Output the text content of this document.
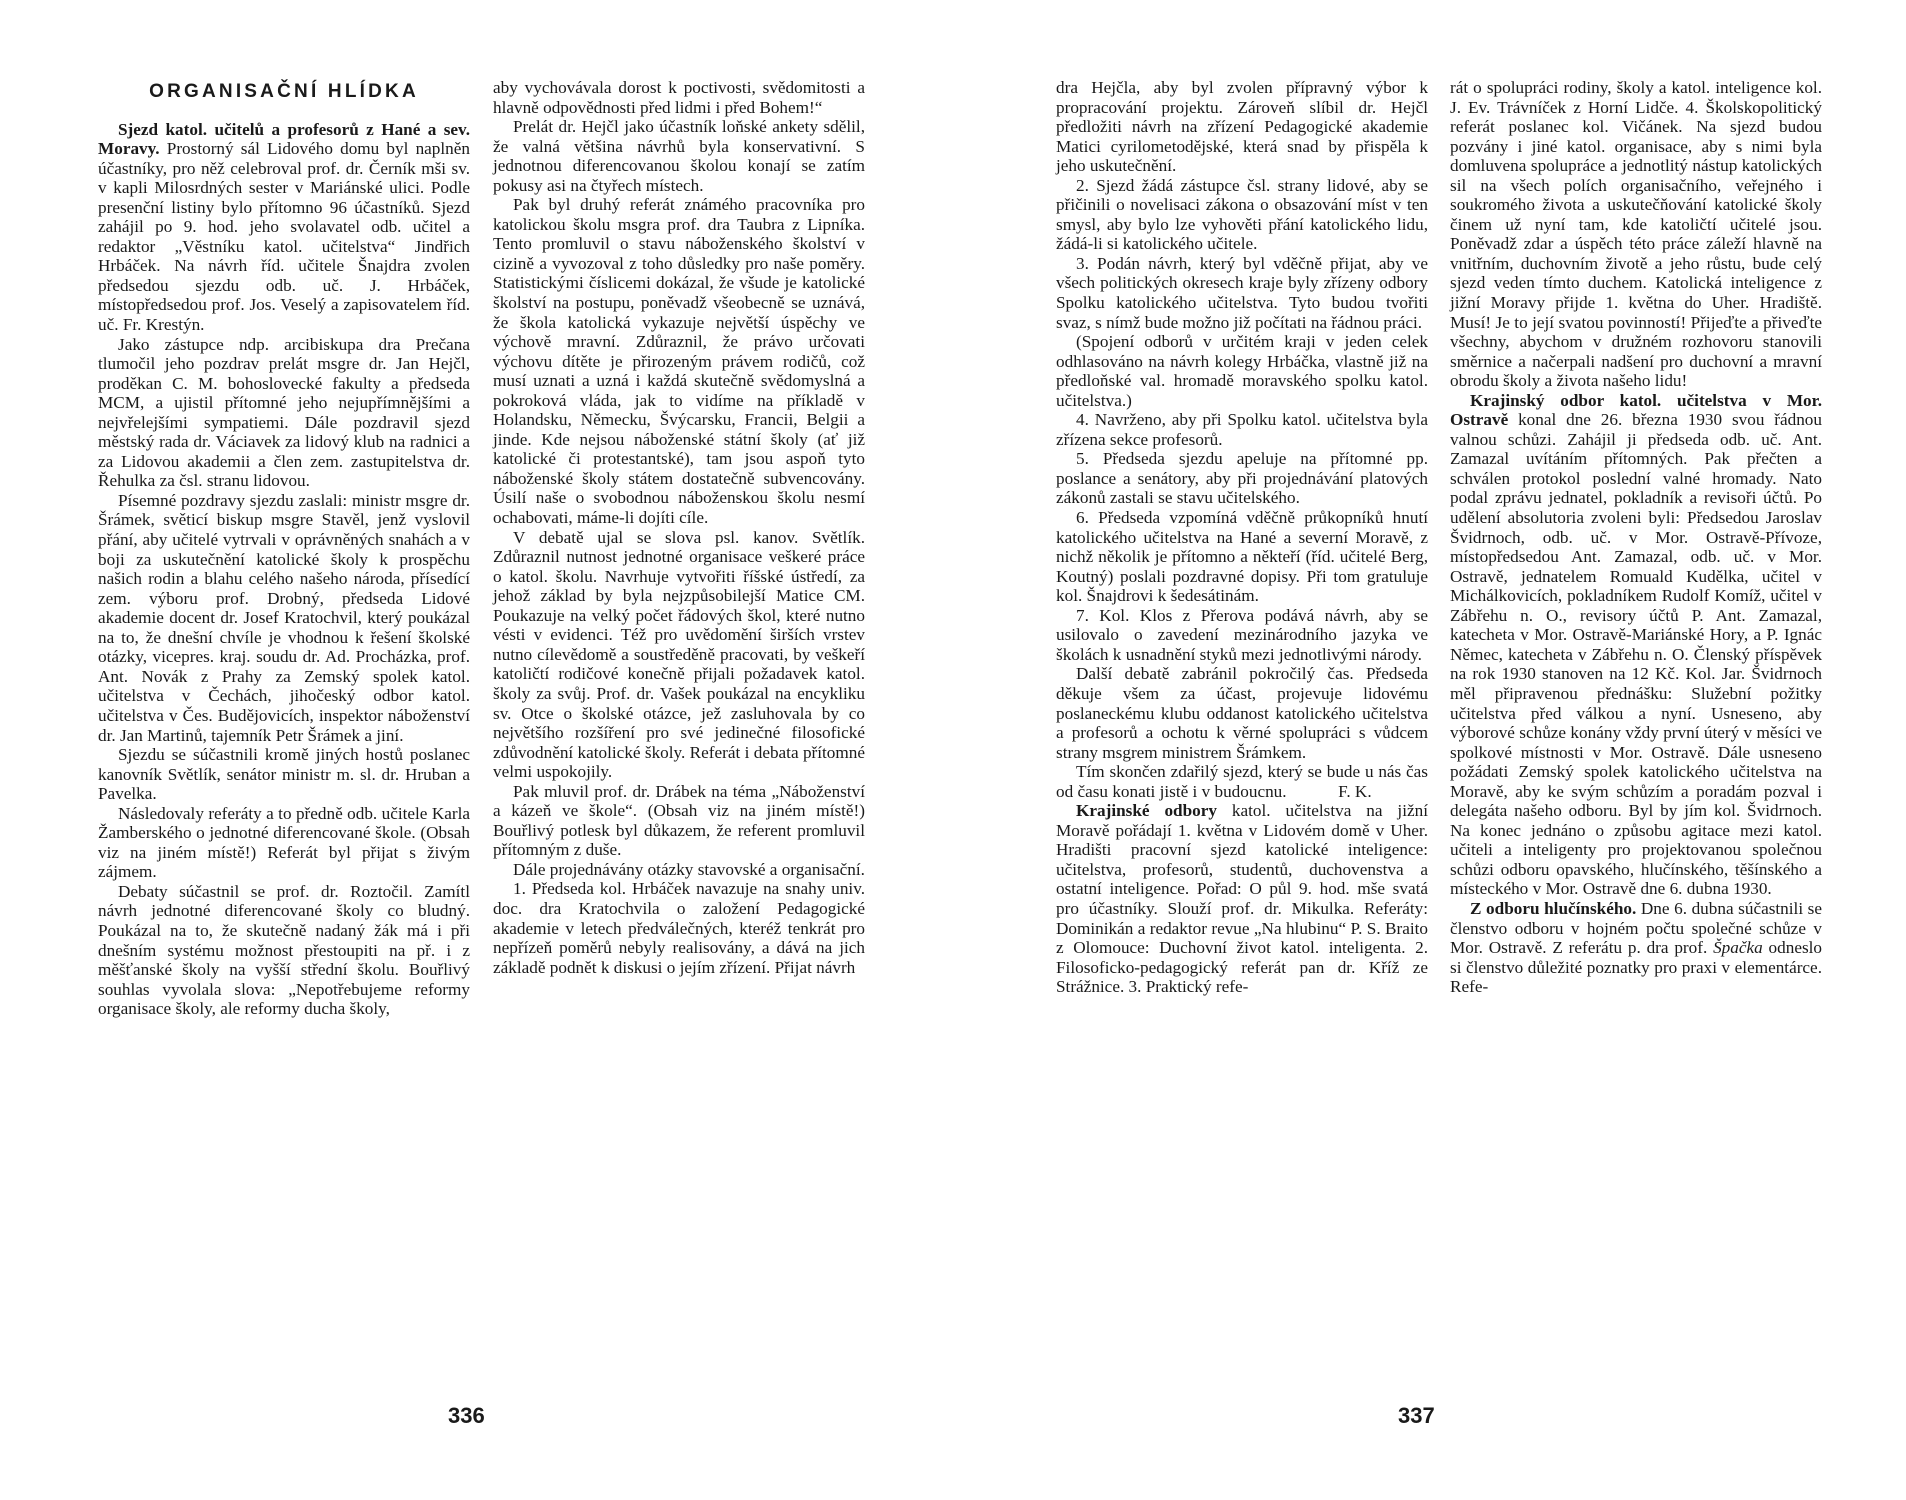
ORGANISAČNÍ HLÍDKA

Sjezd katol. učitelů a profesorů z Hané a sev. Moravy. Prostorný sál Lidového domu byl naplněn účastníky, pro něž celebroval prof. dr. Černík mši sv. v kapli Milosrdných sester v Mariánské ulici. Podle presenční listiny bylo přítomno 96 účastníků. Sjezd zahájil po 9. hod. jeho svolavatel odb. učitel a redaktor „Věstníku katol. učitelstva“ Jindřich Hrbáček. Na návrh říd. učitele Šnajdra zvolen předsedou sjezdu odb. uč. J. Hrbáček, místopředsedou prof. Jos. Veselý a zapisovatelem říd. uč. Fr. Krestýn.

Jako zástupce ndp. arcibiskupa dra Prečana tlumočil jeho pozdrav prelát msgre dr. Jan Hejčl, proděkan C. M. bohoslovecké fakulty a předseda MCM, a ujistil přítomné jeho nejupřímnějšími a nejvřelejšími sympatiemi. Dále pozdravil sjezd městský rada dr. Váciavek za lidový klub na radnici a za Lidovou akademii a člen zem. zastupitelstva dr. Řehulka za čsl. stranu lidovou.

Písemné pozdravy sjezdu zaslali: ministr msgre dr. Šrámek, světicí biskup msgre Stavěl, jenž vyslovil přání, aby učitelé vytrvali v oprávněných snahách a v boji za uskutečnění katolické školy k prospěchu našich rodin a blahu celého našeho národa, přísedící zem. výboru prof. Drobný, předseda Lidové akademie docent dr. Josef Kratochvil, který poukázal na to, že dnešní chvíle je vhodnou k řešení školské otázky, vicepres. kraj. soudu dr. Ad. Procházka, prof. Ant. Novák z Prahy za Zemský spolek katol. učitelstva v Čechách, jihočeský odbor katol. učitelstva v Čes. Budějovicích, inspektor náboženství dr. Jan Martinů, tajemník Petr Šrámek a jiní.

Sjezdu se súčastnili kromě jiných hostů poslanec kanovník Světlík, senátor ministr m. sl. dr. Hruban a Pavelka.

Následovaly referáty a to předně odb. učitele Karla Žamberského o jednotné diferencované škole. (Obsah viz na jiném místě!) Referát byl přijat s živým zájmem.

Debaty súčastnil se prof. dr. Roztočil. Zamítl návrh jednotné diferencované školy co bludný. Poukázal na to, že skutečně nadaný žák má i při dnešním systému možnost přestoupiti na př. i z měšťanské školy na vyšší střední školu. Bouřlivý souhlas vyvolala slova: „Nepotřebujeme reformy organisace školy, ale reformy ducha školy,

aby vychovávala dorost k poctivosti, svědomitosti a hlavně odpovědnosti před lidmi i před Bohem!“

Prelát dr. Hejčl jako účastník loňské ankety sdělil, že valná většina návrhů byla konservativní. S jednotnou diferencovanou školou konají se zatím pokusy asi na čtyřech místech.

Pak byl druhý referát známého pracovníka pro katolickou školu msgra prof. dra Taubra z Lipníka. Tento promluvil o stavu náboženského školství v cizině a vyvozoval z toho důsledky pro naše poměry. Statistickými číslicemi dokázal, že všude je katolické školství na postupu, poněvadž všeobecně se uznává, že škola katolická vykazuje největší úspěchy ve výchově mravní. Zdůraznil, že právo určovati výchovu dítěte je přirozeným právem rodičů, což musí uznati a uzná i každá skutečně svědomyslná a pokroková vláda, jak to vidíme na příkladě v Holandsku, Německu, Švýcarsku, Francii, Belgii a jinde. Kde nejsou náboženské státní školy (ať již katolické či protestantské), tam jsou aspoň tyto náboženské školy státem dostatečně subvencovány. Úsilí naše o svobodnou náboženskou školu nesmí ochabovati, máme-li dojíti cíle.

V debatě ujal se slova psl. kanov. Světlík. Zdůraznil nutnost jednotné organisace veškeré práce o katol. školu. Navrhuje vytvořiti říšské ústředí, za jehož základ by byla nejzpůsobilejší Matice CM. Poukazuje na velký počet řádových škol, které nutno vésti v evidenci. Též pro uvědomění širších vrstev nutno cílevědomě a soustředěně pracovati, by veškeří katoličtí rodičové konečně přijali požadavek katol. školy za svůj. Prof. dr. Vašek poukázal na encykliku sv. Otce o školské otázce, jež zasluhovala by co největšího rozšíření pro své jedinečné filosofické zdůvodnění katolické školy. Referát i debata přítomné velmi uspokojily.

Pak mluvil prof. dr. Drábek na téma „Náboženství a kázeň ve škole“. (Obsah viz na jiném místě!) Bouřlivý potlesk byl důkazem, že referent promluvil přítomným z duše.

Dále projednávány otázky stavovské a organisační.

1. Předseda kol. Hrbáček navazuje na snahy univ. doc. dra Kratochvila o založení Pedagogické akademie v letech předválečných, kteréž tenkrát pro nepřízeň poměrů nebyly realisovány, a dává na jich základě podnět k diskusi o jejím zřízení. Přijat návrh

336

dra Hejčla, aby byl zvolen přípravný výbor k propracování projektu. Zároveň slíbil dr. Hejčl předložiti návrh na zřízení Pedagogické akademie Matici cyrilometodějské, která snad by přispěla k jeho uskutečnění.

2. Sjezd žádá zástupce čsl. strany lidové, aby se přičinili o novelisaci zákona o obsazování míst v ten smysl, aby bylo lze vyhověti přání katolického lidu, žádá-li si katolického učitele.

3. Podán návrh, který byl vděčně přijat, aby ve všech politických okresech kraje byly zřízeny odbory Spolku katolického učitelstva. Tyto budou tvořiti svaz, s nímž bude možno již počítati na řádnou práci.

(Spojení odborů v určitém kraji v jeden celek odhlasováno na návrh kolegy Hrbáčka, vlastně již na předloňské val. hromadě moravského spolku katol. učitelstva.)

4. Navrženo, aby při Spolku katol. učitelstva byla zřízena sekce profesorů.

5. Předseda sjezdu apeluje na přítomné pp. poslance a senátory, aby při projednávání platových zákonů zastali se stavu učitelského.

6. Předseda vzpomíná vděčně průkopníků hnutí katolického učitelstva na Hané a severní Moravě, z nichž několik je přítomno a někteří (říd. učitelé Berg, Koutný) poslali pozdravné dopisy. Při tom gratuluje kol. Šnajdrovi k šedesátinám.

7. Kol. Klos z Přerova podává návrh, aby se usilovalo o zavedení mezinárodního jazyka ve školách k usnadnění styků mezi jednotlivými národy.

Další debatě zabránil pokročilý čas. Předseda děkuje všem za účast, projevuje lidovému poslaneckému klubu oddanost katolického učitelstva a profesorů a ochotu k věrné spolupráci s vůdcem strany msgrem ministrem Šrámkem.

Tím skončen zdařilý sjezd, který se bude u nás čas od času konati jistě i v budoucnu.   	F. K.

Krajinské odbory katol. učitelstva na jižní Moravě pořádají 1. května v Lidovém domě v Uher. Hradišti pracovní sjezd katolické inteligence: učitelstva, profesorů, studentů, duchovenstva a ostatní inteligence. Pořad: O půl 9. hod. mše svatá pro účastníky. Slouží prof. dr. Mikulka. Referáty: Dominikán a redaktor revue „Na hlubinu“ P. S. Braito z Olomouce: Duchovní život katol. inteligenta. 2. Filosoficko-pedagogický referát pan dr. Kříž ze Strážnice. 3. Praktický refe-

rát o spolupráci rodiny, školy a katol. inteligence kol. J. Ev. Trávníček z Horní Lidče. 4. Školskopolitický referát poslanec kol. Vičánek. Na sjezd budou pozvány i jiné katol. organisace, aby s nimi byla domluvena spolupráce a jednotlitý nástup katolických sil na všech polích organisačního, veřejného i soukromého života a uskutečňování katolické školy činem už nyní tam, kde katoličtí učitelé jsou. Poněvadž zdar a úspěch této práce záleží hlavně na vnitřním, duchovním životě a jeho růstu, bude celý sjezd veden tímto duchem. Katolická inteligence z jižní Moravy přijde 1. května do Uher. Hradiště. Musí! Je to její svatou povinností! Přijeďte a přiveďte všechny, abychom v družném rozhovoru stanovili směrnice a načerpali nadšení pro duchovní a mravní obrodu školy a života našeho lidu!

Krajinský odbor katol. učitelstva v Mor. Ostravě konal dne 26. března 1930 svou řádnou valnou schůzi. Zahájil ji předseda odb. uč. Ant. Zamazal uvítáním přítomných. Pak přečten a schválen protokol poslední valné hromady. Nato podal zprávu jednatel, pokladník a revisoři účtů. Po udělení absolutoria zvoleni byli: Předsedou Jaroslav Švidrnoch, odb. uč. v Mor. Ostravě-Přívoze, místopředsedou Ant. Zamazal, odb. uč. v Mor. Ostravě, jednatelem Romuald Kudělka, učitel v Michálkovicích, pokladníkem Rudolf Komíž, učitel v Zábřehu n. O., revisory účtů P. Ant. Zamazal, katecheta v Mor. Ostravě-Mariánské Hory, a P. Ignác Němec, katecheta v Zábřehu n. O. Členský příspěvek na rok 1930 stanoven na 12 Kč. Kol. Jar. Švidrnoch měl připravenou přednášku: Služební požitky učitelstva před válkou a nyní. Usneseno, aby výborové schůze konány vždy první úterý v měsíci ve spolkové místnosti v Mor. Ostravě. Dále usneseno požádati Zemský spolek katolického učitelstva na Moravě, aby ke svým schůzím a poradám pozval i delegáta našeho odboru. Byl by jím kol. Švidrnoch. Na konec jednáno o způsobu agitace mezi katol. učiteli a inteligenty pro projektovanou společnou schůzi odboru opavského, hlučínského, těšínského a místeckého v Mor. Ostravě dne 6. dubna 1930.

Z odboru hlučínského. Dne 6. dubna súčastnili se členstvo odboru v hojném počtu společné schůze v Mor. Ostravě. Z referátu p. dra prof. Špačka odneslo si členstvo důležité poznatky pro praxi v elementárce. Refe-

337
